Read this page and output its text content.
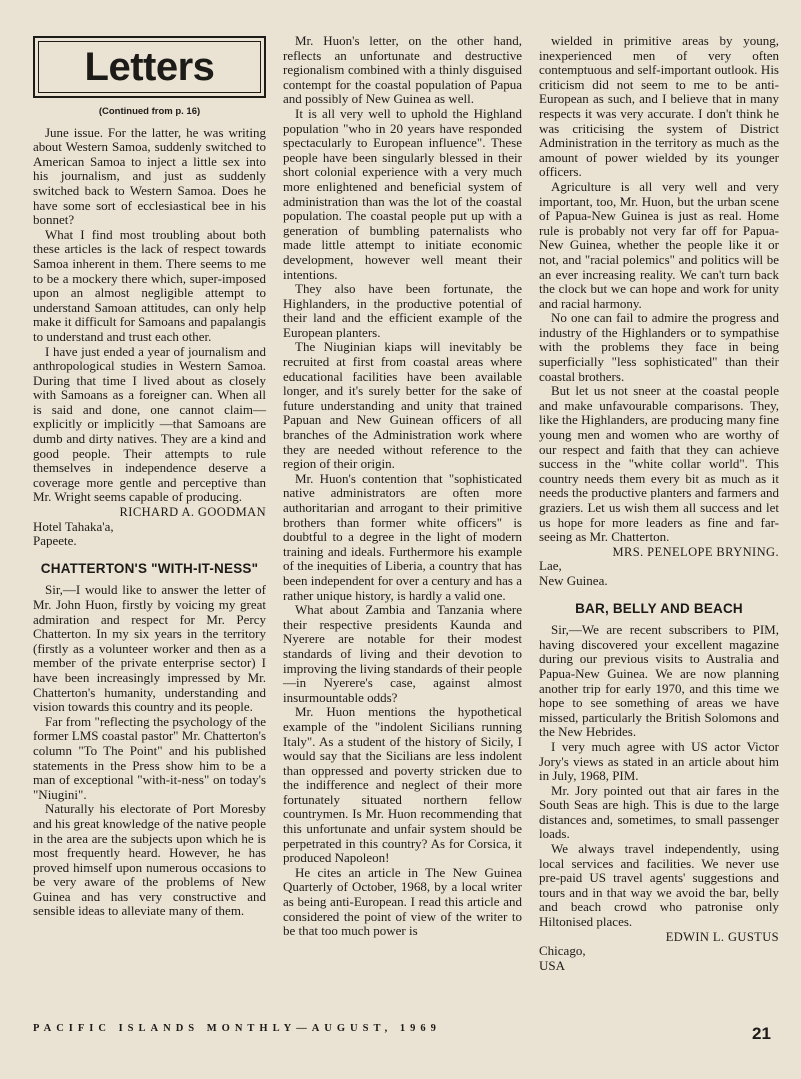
Letters
(Continued from p. 16)

June issue. For the latter, he was writing about Western Samoa, suddenly switched to American Samoa to inject a little sex into his journalism, and just as suddenly switched back to Western Samoa. Does he have some sort of ecclesiastical bee in his bonnet?

What I find most troubling about both these articles is the lack of respect towards Samoa inherent in them. There seems to me to be a mockery there which, super-imposed upon an almost negligible attempt to understand Samoan attitudes, can only help make it difficult for Samoans and papalangis to understand and trust each other.

I have just ended a year of journalism and anthropological studies in Western Samoa. During that time I lived about as closely with Samoans as a foreigner can. When all is said and done, one cannot claim—explicitly or implicitly —that Samoans are dumb and dirty natives. They are a kind and good people. Their attempts to rule themselves in independence deserve a coverage more gentle and perceptive than Mr. Wright seems capable of producing.

RICHARD A. GOODMAN

Hotel Tahaka'a,

Papeete.

CHATTERTON'S "WITH-IT-NESS"

Sir,—I would like to answer the letter of Mr. John Huon, firstly by voicing my great admiration and respect for Mr. Percy Chatterton. In my six years in the territory (firstly as a volunteer worker and then as a member of the private enterprise sector) I have been increasingly impressed by Mr. Chatterton's humanity, understanding and vision towards this country and its people.

Far from "reflecting the psychology of the former LMS coastal pastor" Mr. Chatterton's column "To The Point" and his published statements in the Press show him to be a man of exceptional "with-it-ness" on today's "Niugini".

Naturally his electorate of Port Moresby and his great knowledge of the native people in the area are the subjects upon which he is most frequently heard. However, he has proved himself upon numerous occasions to be very aware of the problems of New Guinea and has very constructive and sensible ideas to alleviate many of them.

Mr. Huon's letter, on the other hand, reflects an unfortunate and destructive regionalism combined with a thinly disguised contempt for the coastal population of Papua and possibly of New Guinea as well.

It is all very well to uphold the Highland population "who in 20 years have responded spectacularly to European influence". These people have been singularly blessed in their short colonial experience with a very much more enlightened and beneficial system of administration than was the lot of the coastal population. The coastal people put up with a generation of bumbling paternalists who made little attempt to initiate economic development, however well meant their intentions.

They also have been fortunate, the Highlanders, in the productive potential of their land and the efficient example of the European planters.

The Niuginian kiaps will inevitably be recruited at first from coastal areas where educational facilities have been available longer, and it's surely better for the sake of future understanding and unity that trained Papuan and New Guinean officers of all branches of the Administration work where they are needed without reference to the region of their origin.

Mr. Huon's contention that "sophisticated native administrators are often more authoritarian and arrogant to their primitive brothers than former white officers" is doubtful to a degree in the light of modern training and ideals. Furthermore his example of the inequities of Liberia, a country that has been independent for over a century and has a rather unique history, is hardly a valid one.

What about Zambia and Tanzania where their respective presidents Kaunda and Nyerere are notable for their modest standards of living and their devotion to improving the living standards of their people—in Nyerere's case, against almost insurmountable odds?

Mr. Huon mentions the hypothetical example of the "indolent Sicilians running Italy". As a student of the history of Sicily, I would say that the Sicilians are less indolent than oppressed and poverty stricken due to the indifference and neglect of their more fortunately situated northern fellow countrymen. Is Mr. Huon recommending that this unfortunate and unfair system should be perpetrated in this country? As for Corsica, it produced Napoleon!

He cites an article in The New Guinea Quarterly of October, 1968, by a local writer as being anti-European. I read this article and considered the point of view of the writer to be that too much power is

wielded in primitive areas by young, inexperienced men of very often contemptuous and self-important outlook. His criticism did not seem to me to be anti-European as such, and I believe that in many respects it was very accurate. I don't think he was criticising the system of District Administration in the territory as much as the amount of power wielded by its younger officers.

Agriculture is all very well and very important, too, Mr. Huon, but the urban scene of Papua-New Guinea is just as real. Home rule is probably not very far off for Papua-New Guinea, whether the people like it or not, and "racial polemics" and politics will be an ever increasing reality. We can't turn back the clock but we can hope and work for unity and racial harmony.

No one can fail to admire the progress and industry of the Highlanders or to sympathise with the problems they face in being superficially "less sophisticated" than their coastal brothers.

But let us not sneer at the coastal people and make unfavourable comparisons. They, like the Highlanders, are producing many fine young men and women who are worthy of our respect and faith that they can achieve success in the "white collar world". This country needs them every bit as much as it needs the productive planters and farmers and graziers. Let us wish them all success and let us hope for more leaders as fine and far-seeing as Mr. Chatterton.

MRS. PENELOPE BRYNING.

Lae,

New Guinea.

BAR, BELLY AND BEACH

Sir,—We are recent subscribers to PIM, having discovered your excellent magazine during our previous visits to Australia and Papua-New Guinea. We are now planning another trip for early 1970, and this time we hope to see something of areas we have missed, particularly the British Solomons and the New Hebrides.

I very much agree with US actor Victor Jory's views as stated in an article about him in July, 1968, PIM.

Mr. Jory pointed out that air fares in the South Seas are high. This is due to the large distances and, sometimes, to small passenger loads.

We always travel independently, using local services and facilities. We never use pre-paid US travel agents' suggestions and tours and in that way we avoid the bar, belly and beach crowd who patronise only Hiltonised places.

EDWIN L. GUSTUS

Chicago,

USA

PACIFIC ISLANDS MONTHLY—AUGUST, 1969	21
